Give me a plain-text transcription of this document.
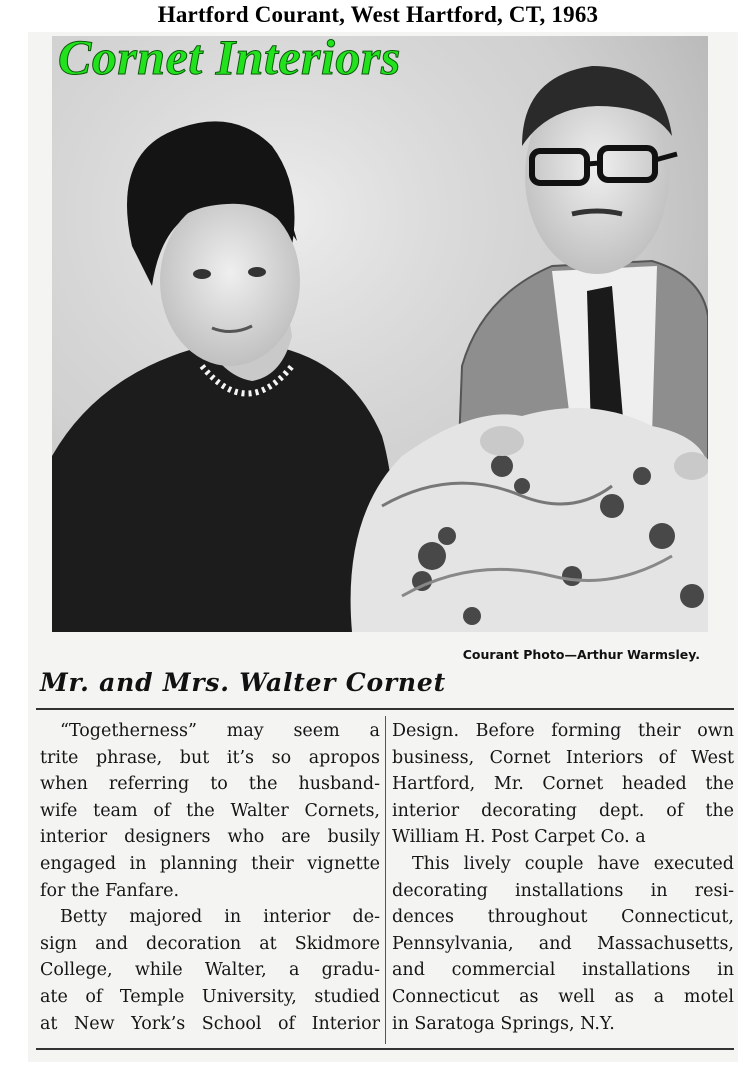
Hartford Courant, West Hartford, CT, 1963
Cornet Interiors
Courant Photo—Arthur Warmsley.
Mr. and Mrs. Walter Cornet
“Togetherness” may seem a
trite phrase, but it’s so apropos
when referring to the husband-
wife team of the Walter Cornets,
interior designers who are busily
engaged in planning their vignette
for the Fanfare.
Betty majored in interior de-
sign and decoration at Skidmore
College, while Walter, a gradu-
ate of Temple University, studied
at New York’s School of Interior
Design. Before forming their own
business, Cornet Interiors of West
Hartford, Mr. Cornet headed the
interior decorating dept. of the
William H. Post Carpet Co. a
This lively couple have executed
decorating installations in resi-
dences throughout Connecticut,
Pennsylvania, and Massachusetts,
and commercial installations in
Connecticut as well as a motel
in Saratoga Springs, N.Y.
